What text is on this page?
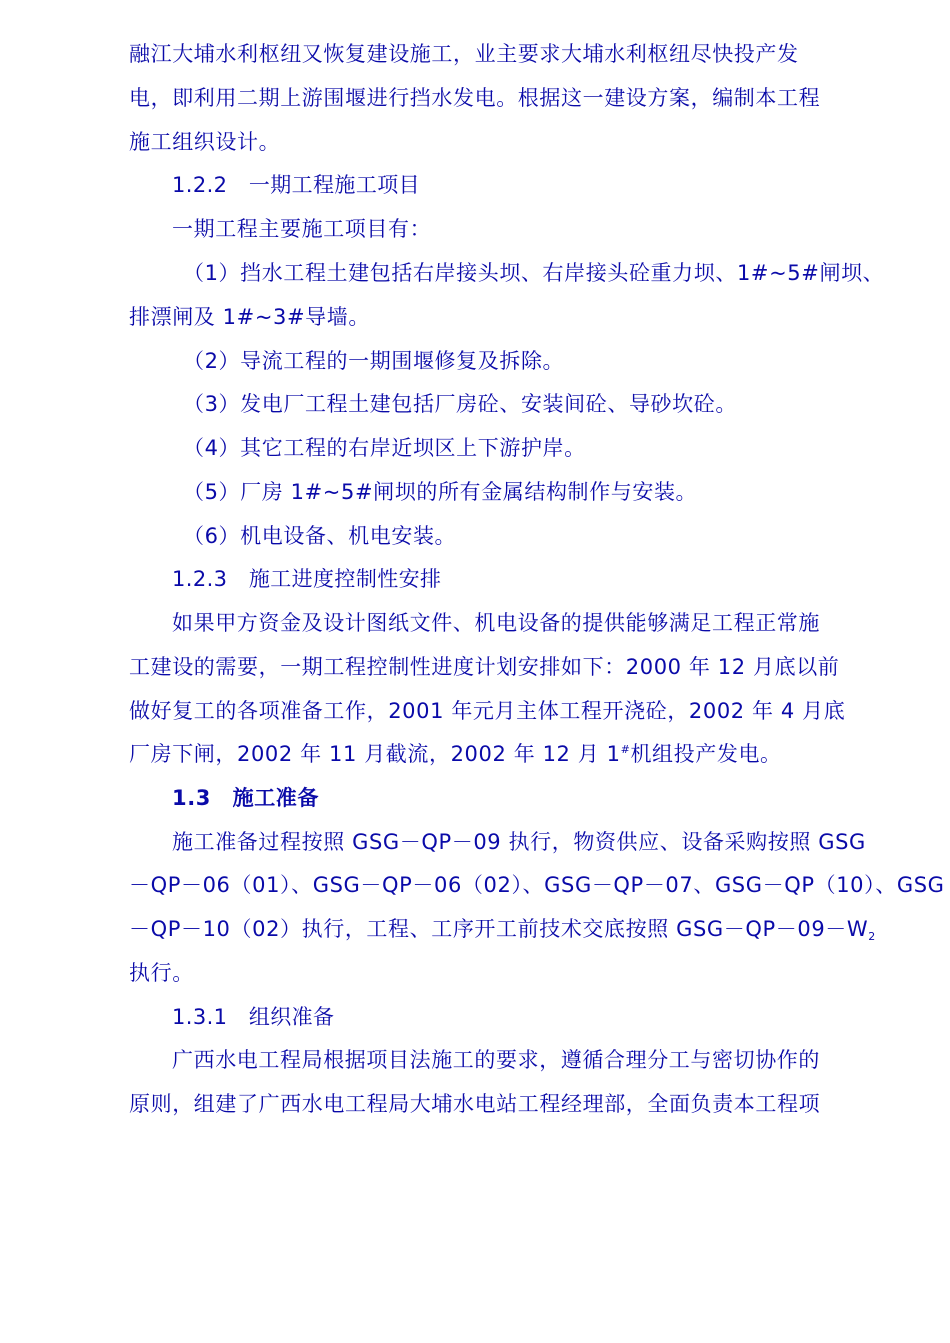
融江大埔水利枢纽又恢复建设施工，业主要求大埔水利枢纽尽快投产发
电，即利用二期上游围堰进行挡水发电。根据这一建设方案，编制本工程
施工组织设计。
1.2.2　一期工程施工项目
一期工程主要施工项目有：
（1）挡水工程土建包括右岸接头坝、右岸接头砼重力坝、1#~5#闸坝、
排漂闸及 1#~3#导墙。
（2）导流工程的一期围堰修复及拆除。
（3）发电厂工程土建包括厂房砼、安装间砼、导砂坎砼。
（4）其它工程的右岸近坝区上下游护岸。
（5）厂房 1#~5#闸坝的所有金属结构制作与安装。
（6）机电设备、机电安装。
1.2.3　施工进度控制性安排
如果甲方资金及设计图纸文件、机电设备的提供能够满足工程正常施
工建设的需要，一期工程控制性进度计划安排如下：2000 年 12 月底以前
做好复工的各项准备工作，2001 年元月主体工程开浇砼，2002 年 4 月底
厂房下闸，2002 年 11 月截流，2002 年 12 月 1#机组投产发电。
1.3　施工准备
施工准备过程按照 GSG－QP－09 执行，物资供应、设备采购按照 GSG
－QP－06（01）、GSG－QP－06（02）、GSG－QP－07、GSG－QP（10）、GSG
－QP－10（02）执行，工程、工序开工前技术交底按照 $GSG-QP-09-W_2$
执行。
1.3.1　组织准备
广西水电工程局根据项目法施工的要求，遵循合理分工与密切协作的
原则，组建了广西水电工程局大埔水电站工程经理部，全面负责本工程项
